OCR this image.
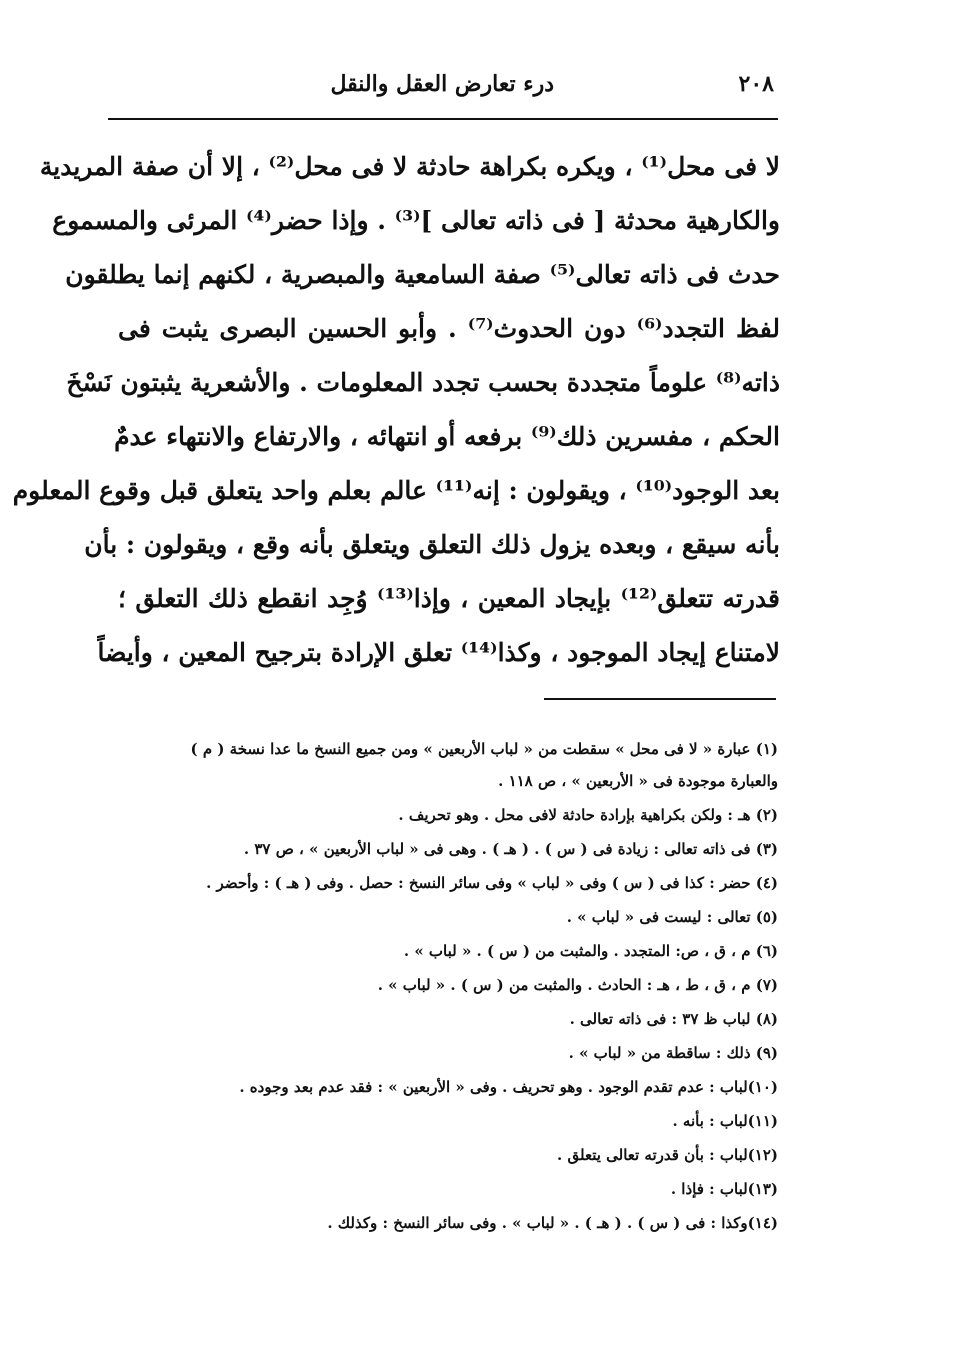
٢٠٨
درء تعارض العقل والنقل
لا فى محل⁽¹⁾ ، ويكره بكراهة حادثة لا فى محل⁽²⁾ ، إلا أن صفة المريدية
والكارهية محدثة [ فى ذاته تعالى ]⁽³⁾ . وإذا حضر⁽⁴⁾ المرئى والمسموع
حدث فى ذاته تعالى⁽⁵⁾ صفة السامعية والمبصرية ، لكنهم إنما يطلقون
لفظ التجدد⁽⁶⁾ دون الحدوث⁽⁷⁾ . وأبو الحسين البصرى يثبت فى
ذاته⁽⁸⁾ علوماً متجددة بحسب تجدد المعلومات . والأشعرية يثبتون نَسْخَ
الحكم ، مفسرين ذلك⁽⁹⁾ برفعه أو انتهائه ، والارتفاع والانتهاء عدمٌ
بعد الوجود⁽¹⁰⁾ ، ويقولون : إنه⁽¹¹⁾ عالم بعلم واحد يتعلق قبل وقوع المعلوم
بأنه سيقع ، وبعده يزول ذلك التعلق ويتعلق بأنه وقع ، ويقولون : بأن
قدرته تتعلق⁽¹²⁾ بإيجاد المعين ، وإذا⁽¹³⁾ وُجِد انقطع ذلك التعلق ؛
لامتناع إيجاد الموجود ، وكذا⁽¹⁴⁾ تعلق الإرادة بترجيح المعين ، وأيضاً
(١) عبارة « لا فى محل » سقطت من « لباب الأربعين » ومن جميع النسخ ما عدا نسخة ( م )
والعبارة موجودة فى « الأربعين » ، ص ١١٨ .
(٢) هـ : ولكن بكراهية بإرادة حادثة لافى محل . وهو تحريف .
(٣) فى ذاته تعالى : زيادة فى ( س ) . ( هـ ) . وهى فى « لباب الأربعين » ، ص ٣٧ .
(٤) حضر : كذا فى ( س ) وفى « لباب » وفى سائر النسخ : حصل . وفى ( هـ ) : وأحضر .
(٥) تعالى : ليست فى « لباب » .
(٦) م ، ق ، ص: المتجدد . والمثبت من ( س ) . « لباب » .
(٧) م ، ق ، ط ، هـ : الحادث . والمثبت من ( س ) . « لباب » .
(٨) لباب ظ ٣٧ : فى ذاته تعالى .
(٩) ذلك : ساقطة من « لباب » .
(١٠)لباب : عدم تقدم الوجود . وهو تحريف . وفى « الأربعين » : فقد عدم بعد وجوده .
(١١)لباب : بأنه .
(١٢)لباب : بأن قدرته تعالى يتعلق .
(١٣)لباب : فإذا .
(١٤)وكذا : فى ( س ) . ( هـ ) . « لباب » . وفى سائر النسخ : وكذلك .
